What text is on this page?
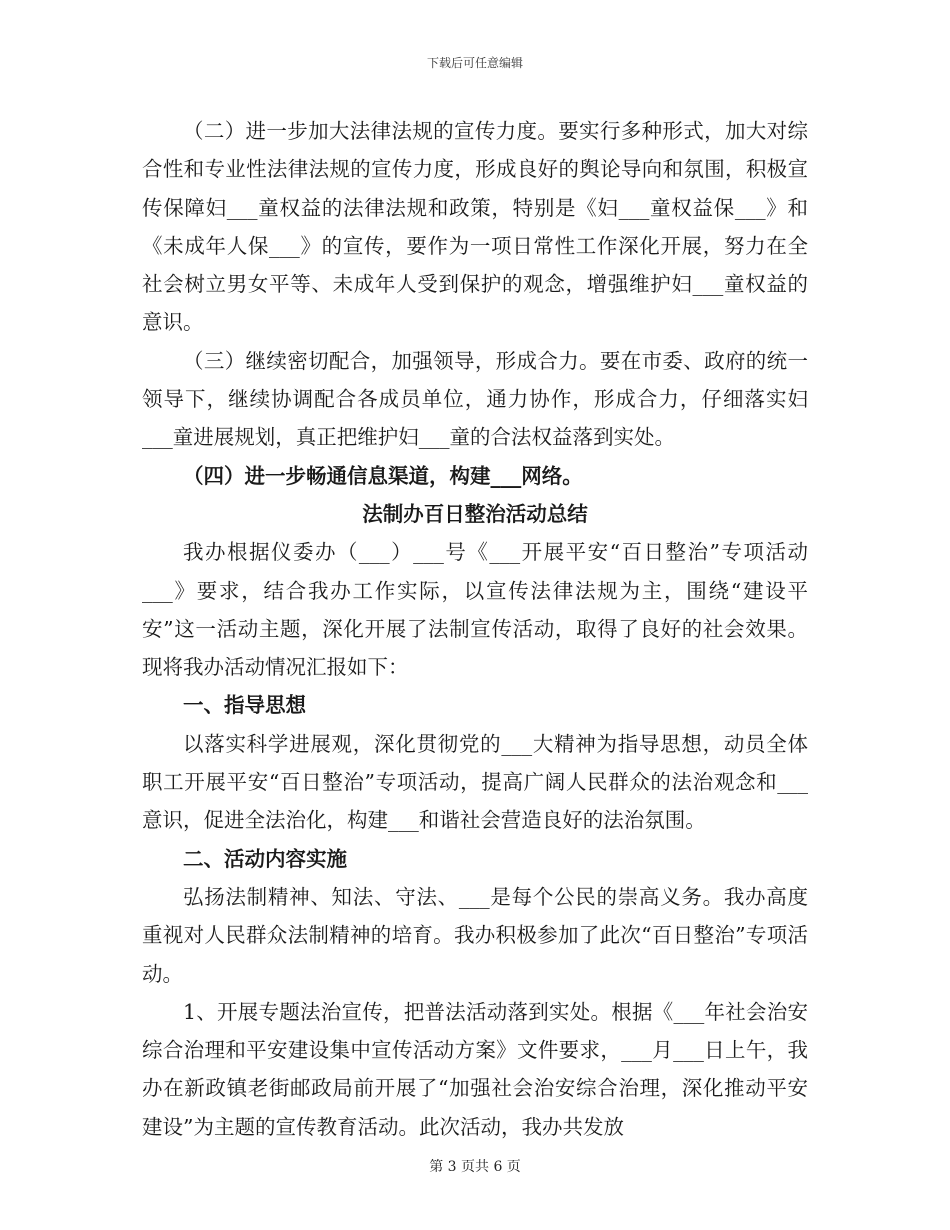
下载后可任意编辑

（二）进一步加大法律法规的宣传力度。要实行多种形式，加大对综合性和专业性法律法规的宣传力度，形成良好的舆论导向和氛围，积极宣传保障妇___童权益的法律法规和政策，特别是《妇___童权益保___》和《未成年人保___》的宣传，要作为一项日常性工作深化开展，努力在全社会树立男女平等、未成年人受到保护的观念，增强维护妇___童权益的意识。

（三）继续密切配合，加强领导，形成合力。要在市委、政府的统一领导下，继续协调配合各成员单位，通力协作，形成合力，仔细落实妇___童进展规划，真正把维护妇___童的合法权益落到实处。

（四）进一步畅通信息渠道，构建___网络。

法制办百日整治活动总结

我办根据仪委办（___）___号《___开展平安“百日整治”专项活动___》要求，结合我办工作实际，以宣传法律法规为主，围绕“建设平安”这一活动主题，深化开展了法制宣传活动，取得了良好的社会效果。现将我办活动情况汇报如下：

一、指导思想

以落实科学进展观，深化贯彻党的___大精神为指导思想，动员全体职工开展平安“百日整治”专项活动，提高广阔人民群众的法治观念和___意识，促进全法治化，构建___和谐社会营造良好的法治氛围。

二、活动内容实施

弘扬法制精神、知法、守法、___是每个公民的崇高义务。我办高度重视对人民群众法制精神的培育。我办积极参加了此次“百日整治”专项活动。

1、开展专题法治宣传，把普法活动落到实处。根据《___年社会治安综合治理和平安建设集中宣传活动方案》文件要求，___月___日上午，我办在新政镇老街邮政局前开展了“加强社会治安综合治理，深化推动平安建设”为主题的宣传教育活动。此次活动，我办共发放

第 3 页共 6 页
